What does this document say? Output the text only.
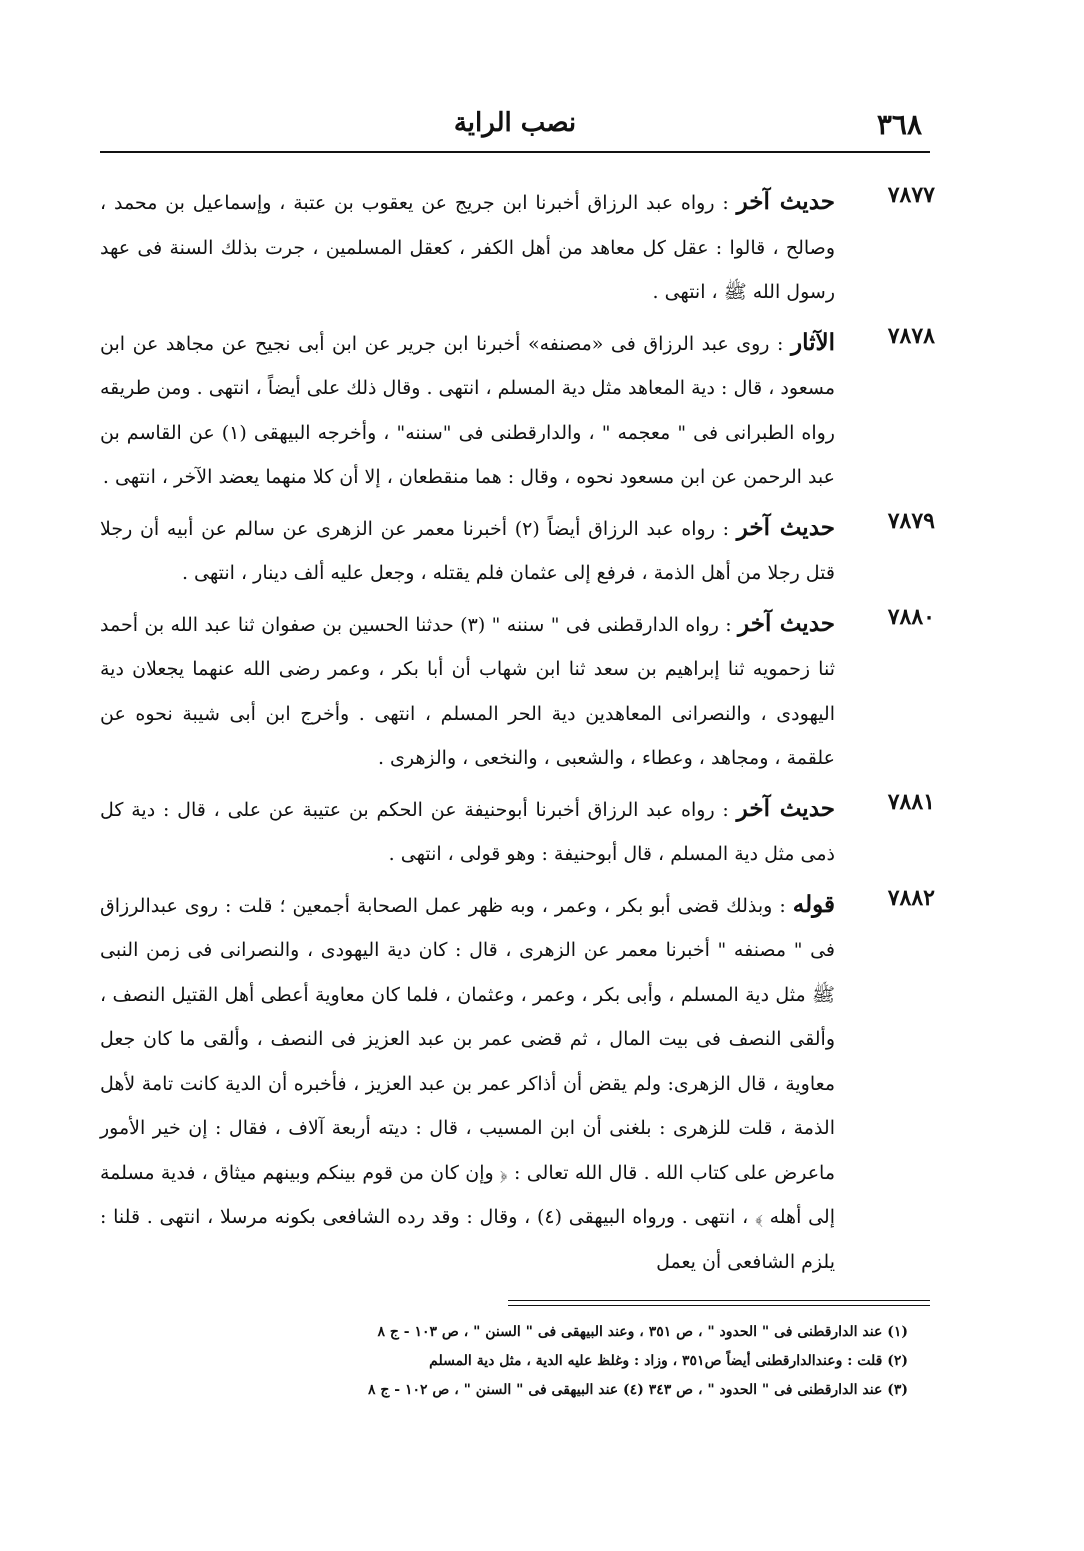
٣٦٨
نصب الراية
٧٨٧٧
حديث آخر : رواه عبد الرزاق أخبرنا ابن جريج عن يعقوب بن عتبة ، وإسماعيل بن محمد ، وصالح ، قالوا : عقل كل معاهد من أهل الكفر ، كعقل المسلمين ، جرت بذلك السنة فى عهد رسول الله ﷺ ، انتهى .
٧٨٧٨
الآثار : روى عبد الرزاق فى «مصنفه» أخبرنا ابن جرير عن ابن أبى نجيح عن مجاهد عن ابن مسعود ، قال : دية المعاهد مثل دية المسلم ، انتهى . وقال ذلك على أيضاً ، انتهى . ومن طريقه رواه الطبرانى فى " معجمه " ، والدارقطنى فى "سننه" ، وأخرجه البيهقى (١) عن القاسم بن عبد الرحمن عن ابن مسعود نحوه ، وقال : هما منقطعان ، إلا أن كلا منهما يعضد الآخر ، انتهى .
٧٨٧٩
حديث آخر : رواه عبد الرزاق أيضاً (٢) أخبرنا معمر عن الزهرى عن سالم عن أبيه أن رجلا قتل رجلا من أهل الذمة ، فرفع إلى عثمان فلم يقتله ، وجعل عليه ألف دينار ، انتهى .
٧٨٨٠
حديث آخر : رواه الدارقطنى فى " سننه " (٣) حدثنا الحسين بن صفوان ثنا عبد الله بن أحمد ثنا زحمويه ثنا إبراهيم بن سعد ثنا ابن شهاب أن أبا بكر ، وعمر رضى الله عنهما يجعلان دية اليهودى ، والنصرانى المعاهدين دية الحر المسلم ، انتهى . وأخرج ابن أبى شيبة نحوه عن علقمة ، ومجاهد ، وعطاء ، والشعبى ، والنخعى ، والزهرى .
٧٨٨١
حديث آخر : رواه عبد الرزاق أخبرنا أبوحنيفة عن الحكم بن عتيبة عن على ، قال : دية كل ذمى مثل دية المسلم ، قال أبوحنيفة : وهو قولى ، انتهى .
٧٨٨٢
قوله : وبذلك قضى أبو بكر ، وعمر ، وبه ظهر عمل الصحابة أجمعين ؛ قلت : روى عبدالرزاق فى " مصنفه " أخبرنا معمر عن الزهرى ، قال : كان دية اليهودى ، والنصرانى فى زمن النبى ﷺ مثل دية المسلم ، وأبى بكر ، وعمر ، وعثمان ، فلما كان معاوية أعطى أهل القتيل النصف ، وألقى النصف فى بيت المال ، ثم قضى عمر بن عبد العزيز فى النصف ، وألقى ما كان جعل معاوية ، قال الزهرى: ولم يقض أن أذاكر عمر بن عبد العزيز ، فأخبره أن الدية كانت تامة لأهل الذمة ، قلت للزهرى : بلغنى أن ابن المسيب ، قال : ديته أربعة آلاف ، فقال : إن خير الأمور ماعرض على كتاب الله . قال الله تعالى : ﴿ وإن كان من قوم بينكم وبينهم ميثاق ، فدية مسلمة إلى أهله ﴾ ، انتهى . ورواه البيهقى (٤) ، وقال : وقد رده الشافعى بكونه مرسلا ، انتهى . قلنا : يلزم الشافعى أن يعمل
(١) عند الدارقطنى فى " الحدود " ، ص ٣٥١ ، وعند البيهقى فى " السنن " ، ص ١٠٣ - ج ٨
(٢) قلت : وعندالدارقطنى أيضاً ص٣٥١ ، وزاد : وغلظ عليه الدية ، مثل دية المسلم
(٣) عند الدارقطنى فى " الحدود " ، ص ٣٤٣ (٤) عند البيهقى فى " السنن " ، ص ١٠٢ - ج ٨
